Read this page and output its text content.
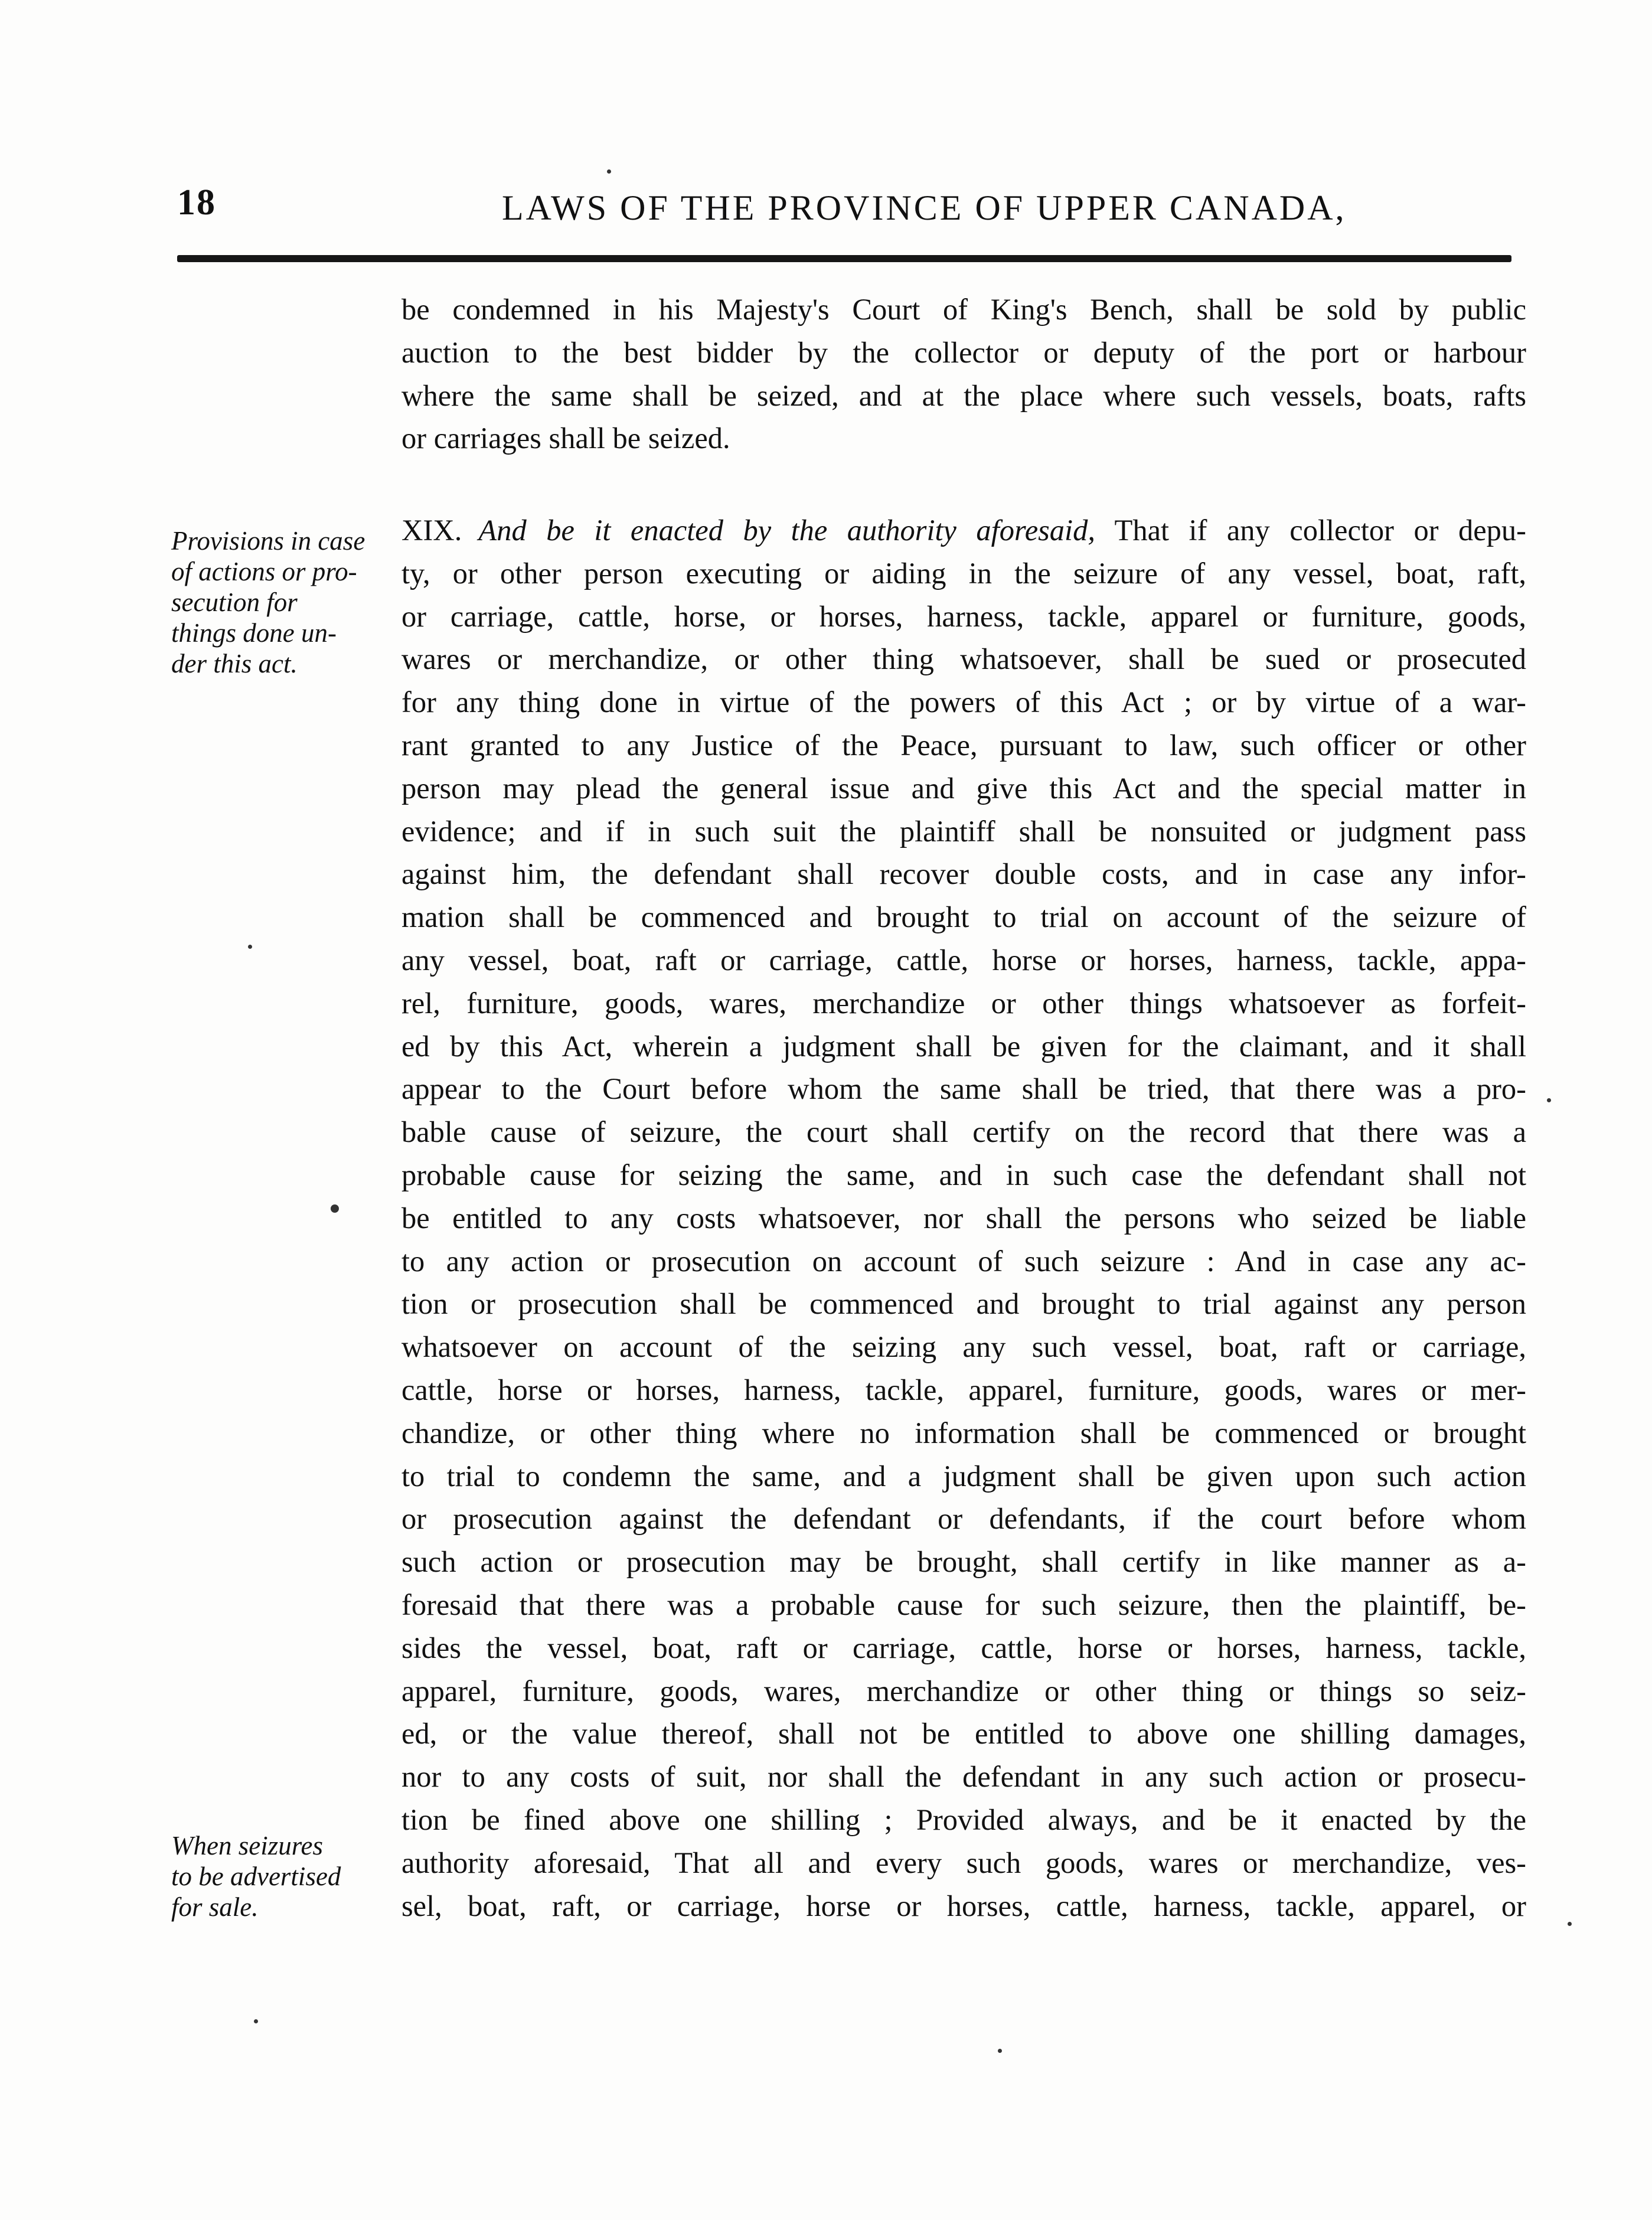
18	LAWS OF THE PROVINCE OF UPPER CANADA,
be condemned in his Majesty's Court of King's Bench, shall be sold by public
auction to the best bidder by the collector or deputy of the port or harbour
where the same shall be seized, and at the place where such vessels, boats, rafts
or carriages shall be seized.
Provisions in case
of actions or pro-
secution for
things done un-
der this act.
XIX. And be it enacted by the authority aforesaid, That if any collector or depu-
ty, or other person executing or aiding in the seizure of any vessel, boat, raft,
or carriage, cattle, horse, or horses, harness, tackle, apparel or furniture, goods,
wares or merchandize, or other thing whatsoever, shall be sued or prosecuted
for any thing done in virtue of the powers of this Act ; or by virtue of a war-
rant granted to any Justice of the Peace, pursuant to law, such officer or other
person may plead the general issue and give this Act and the special matter in
evidence; and if in such suit the plaintiff shall be nonsuited or judgment pass
against him, the defendant shall recover double costs, and in case any infor-
mation shall be commenced and brought to trial on account of the seizure of
any vessel, boat, raft or carriage, cattle, horse or horses, harness, tackle, appa-
rel, furniture, goods, wares, merchandize or other things whatsoever as forfeit-
ed by this Act, wherein a judgment shall be given for the claimant, and it shall
appear to the Court before whom the same shall be tried, that there was a pro-
bable cause of seizure, the court shall certify on the record that there was a
probable cause for seizing the same, and in such case the defendant shall not
be entitled to any costs whatsoever, nor shall the persons who seized be liable
to any action or prosecution on account of such seizure : And in case any ac-
tion or prosecution shall be commenced and brought to trial against any person
whatsoever on account of the seizing any such vessel, boat, raft or carriage,
cattle, horse or horses, harness, tackle, apparel, furniture, goods, wares or mer-
chandize, or other thing where no information shall be commenced or brought
to trial to condemn the same, and a judgment shall be given upon such action
or prosecution against the defendant or defendants, if the court before whom
such action or prosecution may be brought, shall certify in like manner as a-
foresaid that there was a probable cause for such seizure, then the plaintiff, be-
sides the vessel, boat, raft or carriage, cattle, horse or horses, harness, tackle,
apparel, furniture, goods, wares, merchandize or other thing or things so seiz-
ed, or the value thereof, shall not be entitled to above one shilling damages,
nor to any costs of suit, nor shall the defendant in any such action or prosecu-
tion be fined above one shilling ; Provided always, and be it enacted by the
authority aforesaid, That all and every such goods, wares or merchandize, ves-
sel, boat, raft, or carriage, horse or horses, cattle, harness, tackle, apparel, or
When seizures
to be advertised
for sale.
